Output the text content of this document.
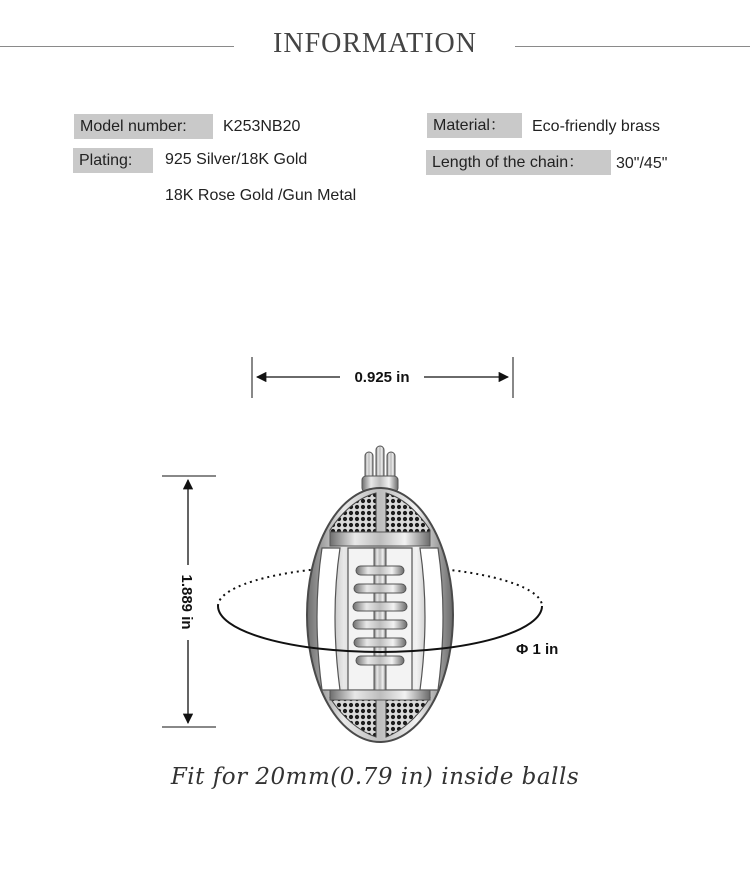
INFORMATION
Model number:	K253NB20
Plating:	925 Silver/18K Gold
18K Rose Gold /Gun Metal
Material：	Eco-friendly brass
Length of the chain：	30"/45"
0.925 in
1.889 in
Φ 1 in
Fit for 20mm(0.79 in) inside balls
